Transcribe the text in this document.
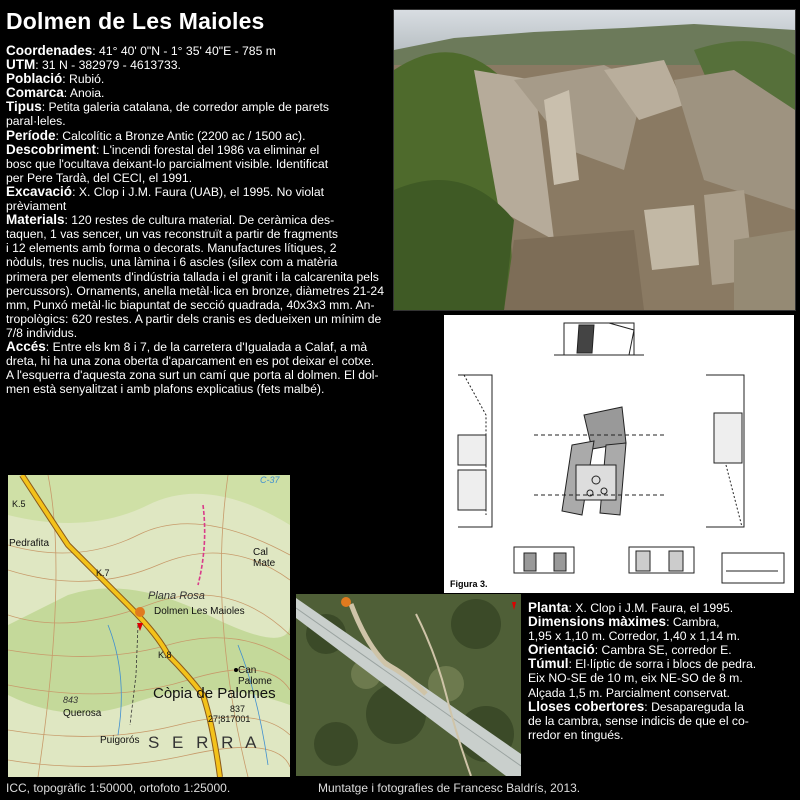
Dolmen de Les Maioles
Coordenades: 41° 40' 0"N - 1° 35' 40"E - 785 m
UTM: 31 N - 382979 - 4613733.
Població: Rubió.
Comarca: Anoia.
Tipus: Petita galeria catalana, de corredor ample de parets
paral·leles.
Període: Calcolític a Bronze Antic (2200 ac / 1500 ac).
Descobriment: L'incendi forestal del 1986 va eliminar el
bosc que l'ocultava deixant-lo parcialment visible. Identificat
per Pere Tardà, del CECI, el 1991.
Excavació: X. Clop i J.M. Faura (UAB), el 1995. No violat
prèviament
Materials: 120 restes de cultura material. De ceràmica des-
taquen, 1 vas sencer, un vas reconstruït a partir de fragments
i 12 elements amb forma o decorats. Manufactures lítiques, 2
nòduls, tres nuclis, una làmina i 6 ascles (sílex com a matèria
primera per elements d'indústria tallada i el granit i la calcarenita pels
percussors). Ornaments, anella metàl·lica en bronze, diàmetres 21-24
mm, Punxó metàl·lic biapuntat de secció quadrada, 40x3x3 mm. An-
tropològics: 620 restes. A partir dels cranis es dedueixen un mínim de
7/8 individus.
Accés: Entre els km 8 i 7, de la carretera d'Igualada a Calaf, a mà
dreta, hi ha una zona oberta d'aparcament en es pot deixar el cotxe.
A l'esquerra d'aquesta zona surt un camí que porta al dolmen. El dol-
men està senyalitzat i amb plafons explicatius (fets malbé).
Figura 3.
Pedrafita
Plana Rosa
Dolmen Les Maioles
Cal Mate
Can Palome
Còpia de Palomes
Querosa
Puigorós S E R R A
K.8
K.7
K.5
837
27¦817001
843
C-37
Planta: X. Clop i J.M. Faura, el 1995.
Dimensions màximes: Cambra,
1,95 x 1,10 m. Corredor, 1,40 x 1,14 m.
Orientació: Cambra SE, corredor E.
Túmul: El·líptic de sorra i blocs de pedra.
Eix NO-SE de 10 m, eix NE-SO de 8 m.
Alçada 1,5 m. Parcialment conservat.
Lloses cobertores: Desapareguda la
de la cambra, sense indicis de que el co-
rredor en tingués.
ICC, topogràfic 1:50000, ortofoto 1:25000.	Muntatge i fotografies de Francesc Baldrís, 2013.
